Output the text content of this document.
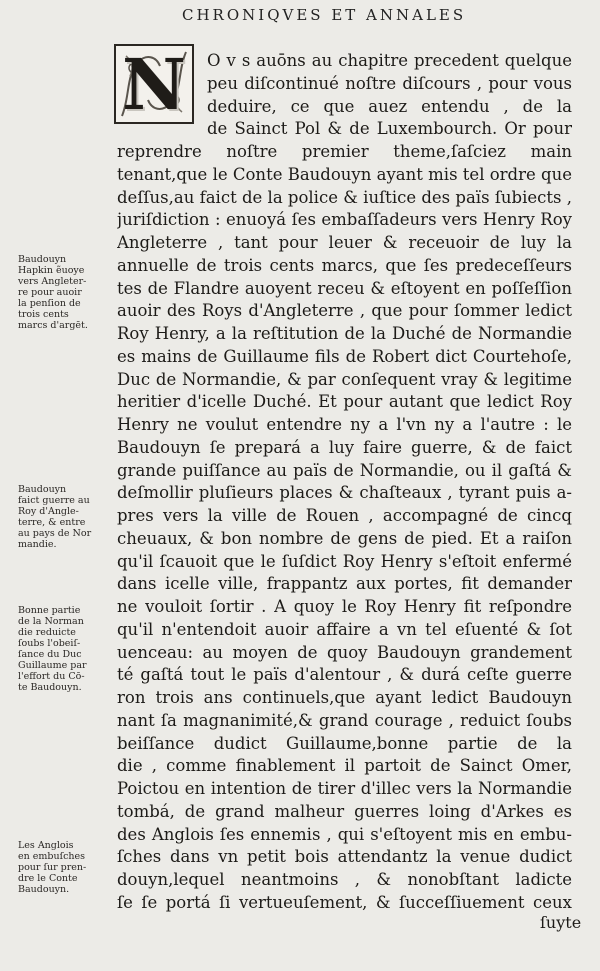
CHRONIQVES ET ANNALES
N	O v s auōns au chapitre precedent quelque
peu diſcontinué noſtre diſcours , pour vous
deduire, ce que auez entendu , de la
de Sainct Pol & de Luxembourch. Or pour
reprendre noſtre premier theme,ſaſciez main
tenant,que le Conte Baudouyn ayant mis tel ordre que
deſſus,au faict de la police & iuſtice des païs ſubiects ,
juriſdiction : enuoyá ſes embaſſadeurs vers Henry Roy
Angleterre , tant pour leuer & receuoir de luy la
annuelle de trois cents marcs, que ſes predeceſſeurs
tes de Flandre auoyent receu & eſtoyent en poſſeſſion
auoir des Roys d'Angleterre , que pour ſommer ledict
Roy Henry, a la reſtitution de la Duché de Normandie
es mains de Guillaume fils de Robert dict Courtehoſe,
Duc de Normandie, & par conſequent vray & legitime
heritier d'icelle Duché. Et pour autant que ledict Roy
Henry ne voulut entendre ny a l'vn ny a l'autre : le
Baudouyn ſe prepará a luy faire guerre, & de faict
grande puiſſance au païs de Normandie, ou il gaſtá &
deſmollir pluſieurs places & chaſteaux , tyrant puis a-
pres vers la ville de Rouen , accompagné de cincq
cheuaux, & bon nombre de gens de pied. Et a raiſon
qu'il ſcauoit que le ſuſdict Roy Henry s'eſtoit enfermé
dans icelle ville, frappantz aux portes, fit demander
ne vouloit ſortir . A quoy le Roy Henry fit reſpondre
qu'il n'entendoit auoir affaire a vn tel eſuenté & ſot
uenceau: au moyen de quoy Baudouyn grandement
té gaſtá tout le païs d'alentour , & durá ceſte guerre
ron trois ans continuels,que ayant ledict Baudouyn
nant ſa magnanimité,& grand courage , reduict ſoubs
beiſſance dudict Guillaume,bonne partie de la
die , comme finablement il partoit de Sainct Omer,
Poictou en intention de tirer d'illec vers la Normandie
tombá, de grand malheur guerres loing d'Arkes es
des Anglois ſes ennemis , qui s'eſtoyent mis en embu-
ſches dans vn petit bois attendantz la venue dudict
douyn,lequel neantmoins , & nonobſtant ladicte
ſe ſe portá ſi vertueuſement, & ſucceſſiuement ceux
Baudouyn
Hapkin ẽuoye
vers Angleter-
re pour auoir
la penſion de
trois cents
marcs d'argēt.
Baudouyn
faict guerre au
Roy d'Angle-
terre, & entre
au pays de Nor
mandie.
Bonne partie
de la Norman
die reduicte
ſoubs l'obeiſ-
ſance du Duc
Guillaume par
l'effort du Cō-
te Baudouyn.
Les Anglois
en embuſches
pour ſur pren-
dre le Conte
Baudouyn.
ſuyte
